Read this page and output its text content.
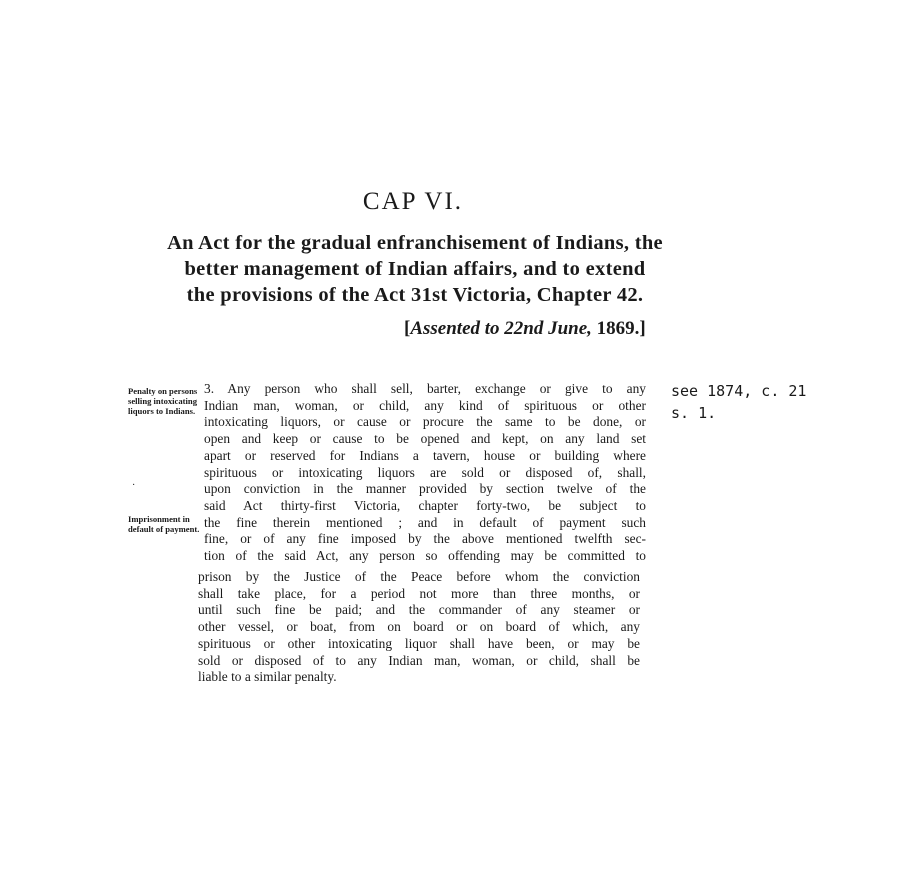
CAP VI.
An Act for the gradual enfranchisement of Indians, the
better management of Indian affairs, and to extend
the provisions of the Act 31st Victoria, Chapter 42.
[Assented to 22nd June, 1869.]
Penalty on persons selling intoxicating liquors to Indians.
·
Imprisonment in default of payment.
3. Any person who shall sell, barter, exchange or give to any
Indian man, woman, or child, any kind of spirituous or other
intoxicating liquors, or cause or procure the same to be done, or
open and keep or cause to be opened and kept, on any land set
apart or reserved for Indians a tavern, house or building where
spirituous or intoxicating liquors are sold or disposed of, shall,
upon conviction in the manner provided by section twelve of the
said Act thirty-first Victoria, chapter forty-two, be subject to
the fine therein mentioned ; and in default of payment such
fine, or of any fine imposed by the above mentioned twelfth sec-
tion of the said Act, any person so offending may be committed to
prison by the Justice of the Peace before whom the conviction
shall take place, for a period not more than three months, or
until such fine be paid; and the commander of any steamer or
other vessel, or boat, from on board or on board of which, any
spirituous or other intoxicating liquor shall have been, or may be
sold or disposed of to any Indian man, woman, or child, shall be
liable to a similar penalty.
see 1874, c. 21
s. 1.
